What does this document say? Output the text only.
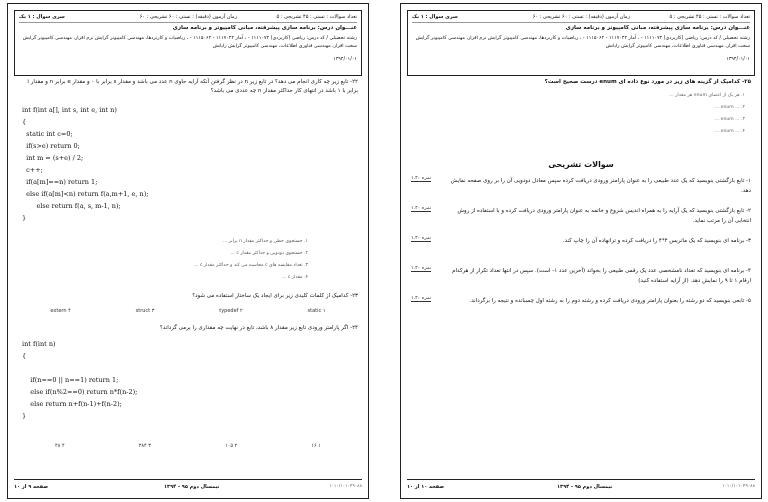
تعداد سوالات : تستی : ۴۵ تشریحی : ۵
زمان آزمون (دقیقه) : تستی : ۶۰ تشریحی : ۶۰
سری سوال : ۱ یک
عنـــوان درس: برنامه سازی پیشرفته، مبانی کامپیوتر و برنامه سازی
رشته تحصیلی / کد درس: ریاضی (کاربردی) ۱۱۱۱۰۷۴ - ، آمار ۱۱۱۷۰۴۲ - ۱۱۱۵۰۶۲ - ، ریاضیات و کاربردها، مهندسی کامپیوتر گرایش نرم افزار، مهندسی کامپیوتر گرایش سخت افزار، مهندسی فناوری اطلاعات، مهندسی کامپیوتر گرایش رایانش
۱۳۹۴/۰۱/۰۱
۲۲- تابع زیر چه کاری انجام می دهد؟ در تابع زیر n در نظر گرفتن آنکه آرایه حاوی n عدد می باشد و مقدار s برابر با ۰ و مقدار e برابر n و مقدار i برابر با ۱ باشد در انتهای کار حداکثر مقدار n چه عددی می باشد؟
int f(int a[], int s, int e, int n)
{
static int c=0;
if(s>e) return 0;
int m = (s+e) / 2;
c++;
if(a[m]==n) return 1;
else if(a[m]<n) return f(a,m+1, e, n);
else return f(a, s, m-1, n);
}
۱. جستجوی خطی و حداکثر مقدار n برابر ...
۲. جستجوی دودویی و حداکثر مقدار c ...
۳. تعداد مقایسه های c محاسبه می کند و حداکثر مقدار c ...
۴. مقدار c ...
۲۳- کدامیک از کلمات کلیدی زیر برای ایجاد یک ساختار استفاده می شود؟
extern ۴	struct ۳	typedef ۲	static ۱
۲۴- اگر پارامتر ورودی تابع زیر مقدار ۸ باشد، تابع در نهایت چه مقداری را برمی گرداند؟
int f(int n)
{

if(n==0 || n==1) return 1;
else if(n%2==0) return n*f(n-2);
else return n+f(n-1)+f(n-2);
}
۴۸ ۴	۳۸۴ ۳	۱۰۵ ۲	۱۶ ۱
صفحه ۹ از ۱۰	نیمسال دوم ۹۵ - ۱۳۹۴	۱۰۱۰/۱۰۱۰۴۹۰۸۸
تعداد سوالات : تستی : ۴۵ تشریحی : ۵
زمان آزمون (دقیقه) : تستی : ۶۰ تشریحی : ۶۰
سری سوال : ۱ یک
عنـــوان درس: برنامه سازی پیشرفته، مبانی کامپیوتر و برنامه سازی
رشته تحصیلی / کد درس: ریاضی (کاربردی) ۱۱۱۱۰۷۴ - ، آمار ۱۱۱۷۰۴۲ - ۱۱۱۵۰۶۲ - ، ریاضیات و کاربردها، مهندسی کامپیوتر گرایش نرم افزار، مهندسی کامپیوتر گرایش سخت افزار، مهندسی فناوری اطلاعات، مهندسی کامپیوتر گرایش رایانش
۱۳۹۴/۰۱/۰۱
۲۵- کدامیک از گزینه های زیر در مورد نوع داده ای enum درست صحیح است؟
۱. هر یک از اعضای enum هر مقدار ...
۲. ... enum ...
۳. ... enum ...
۴. ... enum ...
سوالات تشریحی
۱- تابع بازگشتی بنویسید که یک عدد طبیعی را به عنوان پارامتر ورودی دریافت کرده سپس معادل دودویی آن را بر روی صفحه نمایش دهد.
۱.۴۰ نمره
۲- تابع بازگشتی بنویسید که یک آرایه را به همراه اندیس شروع و خاتمه به عنوان پارامتر ورودی دریافت کرده و با استفاده از روش انتخابی آن را مرتب نماید.
۱.۴۰ نمره
۳- برنامه ای بنویسید که یک ماتریس ۴*۴ را دریافت کرده و ترانهاده آن را چاپ کند.
۱.۴۰ نمره
۴- برنامه ای بنویسید که تعداد نامشخصی عدد یک رقمی طبیعی را بخواند (آخرین عدد ۱- است). سپس در انتها تعداد تکرار از هرکدام ارقام ۱ تا ۹ را نمایش دهد. (از آرایه استفاده کنید)
۱.۴۰ نمره
۵- تابعی بنویسید که دو رشته را بعنوان پارامتر ورودی دریافت کرده و رشته دوم را به رشته اول چسبانده و نتیجه را برگرداند.
۱.۴۰ نمره
صفحه ۱۰ از ۱۰	نیمسال دوم ۹۵ - ۱۳۹۴	۱۰۱۰/۱۰۱۰۴۹۰۸۸
